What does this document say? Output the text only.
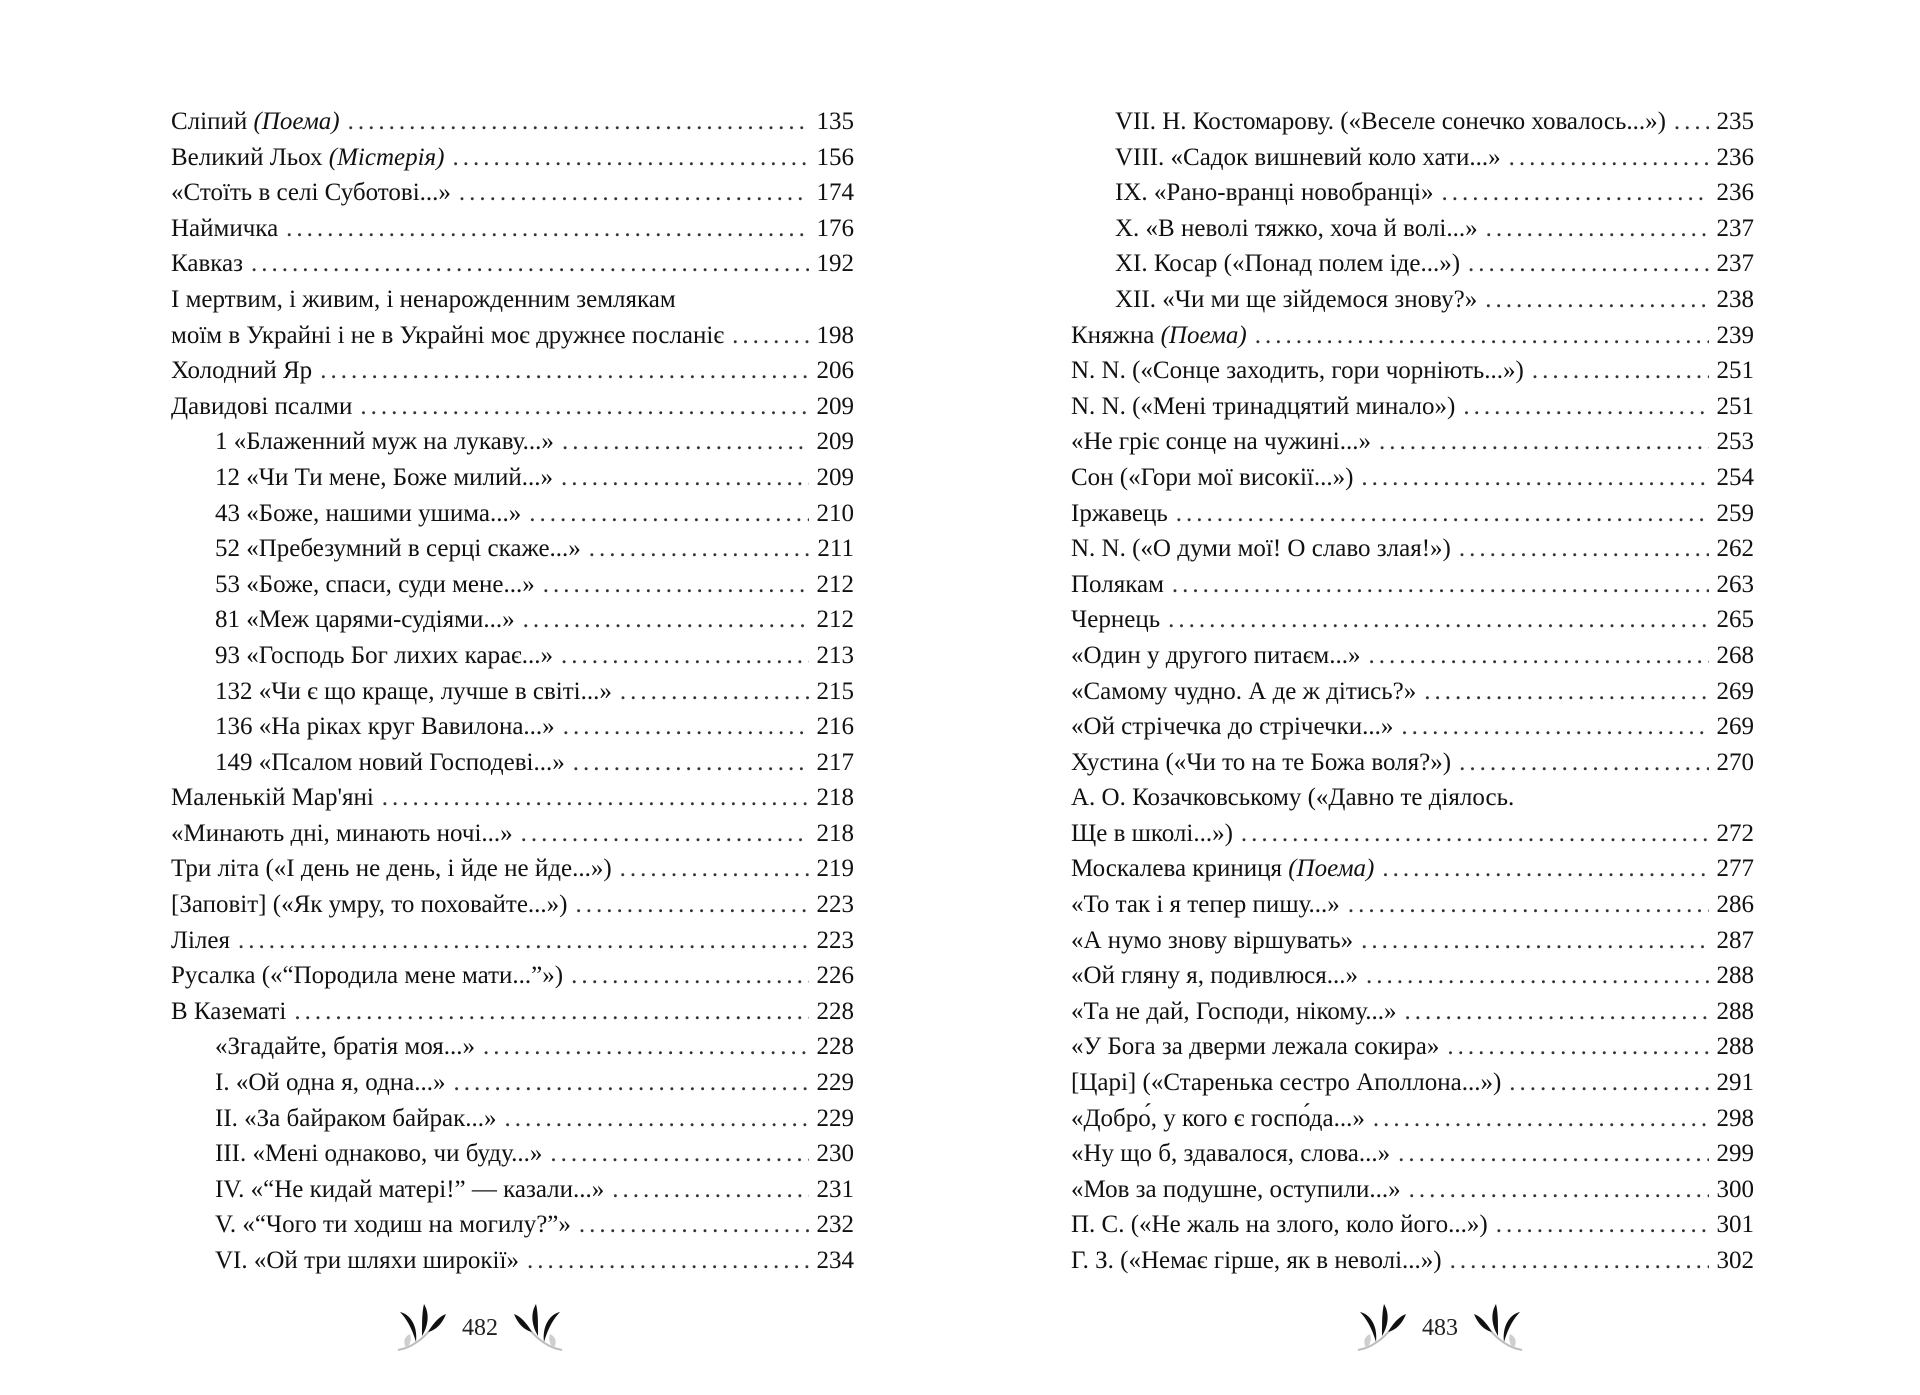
Сліпий (Поема) .....	135
Великий Льох (Містерія) .....	156
«Стоїть в селі Суботові...» .....	174
Наймичка .....	176
Кавказ .....	192
І мертвим, і живим, і ненарожденним землякам
моїм в Украйні і не в Украйні моє дружнєе посланіє .....	198
Холодний Яр .....	206
Давидові псалми .....	209
1 «Блаженний муж на лукаву...» .....	209
12 «Чи Ти мене, Боже милий...» .....	209
43 «Боже, нашими ушима...» .....	210
52 «Пребезумний в серці скаже...» .....	211
53 «Боже, спаси, суди мене...» .....	212
81 «Меж царями-судіями...» .....	212
93 «Господь Бог лихих карає...» .....	213
132 «Чи є що краще, лучше в світі...» .....	215
136 «На ріках круг Вавилона...» .....	216
149 «Псалом новий Господеві...» .....	217
Маленькій Мар'яні .....	218
«Минають дні, минають ночі...» .....	218
Три літа («І день не день, і йде не йде...») .....	219
[Заповіт] («Як умру, то поховайте...») .....	223
Лілея .....	223
Русалка («“Породила мене мати...”») .....	226
В Казематі .....	228
«Згадайте, братія моя...» .....	228
I. «Ой одна я, одна...» .....	229
II. «За байраком байрак...» .....	229
III. «Мені однаково, чи буду...» .....	230
IV. «“Не кидай матері!” — казали...» .....	231
V. «“Чого ти ходиш на могилу?”» .....	232
VI. «Ой три шляхи широкії» .....	234
482
VII. Н. Костомарову. («Веселе сонечко ховалось...») ..... 235
VIII. «Садок вишневий коло хати...» .....	236
IX. «Рано-вранці новобранці» .....	236
X. «В неволі тяжко, хоча й волі...» .....	237
XI. Косар («Понад полем іде...») .....	237
XII. «Чи ми ще зійдемося знову?» .....	238
Княжна (Поема) .....	239
N. N. («Сонце заходить, гори чорніють...») .....	251
N. N. («Мені тринадцятий минало») .....	251
«Не гріє сонце на чужині...» .....	253
Сон («Гори мої високії...») .....	254
Іржавець .....	259
N. N. («О думи мої! О славо злая!») .....	262
Полякам .....	263
Чернець .....	265
«Один у другого питаєм...» .....	268
«Самому чудно. А де ж дітись?» .....	269
«Ой стрічечка до стрічечки...» .....	269
Хустина («Чи то на те Божа воля?») .....	270
А. О. Козачковському («Давно те діялось.
Ще в школі...») .....	272
Москалева криниця (Поема) .....	277
«То так і я тепер пишу...» .....	286
«А нумо знову віршувать» .....	287
«Ой гляну я, подивлюся...» .....	288
«Та не дай, Господи, нікому...» .....	288
«У Бога за дверми лежала сокира» .....	288
[Царі] («Старенька сестро Аполлона...») .....	291
«Добро́, у кого є госпо́да...» .....	298
«Ну що б, здавалося, слова...» .....	299
«Мов за подушне, оступили...» .....	300
П. С. («Не жаль на злого, коло його...») .....	301
Г. З. («Немає гірше, як в неволі...») .....	302
483
